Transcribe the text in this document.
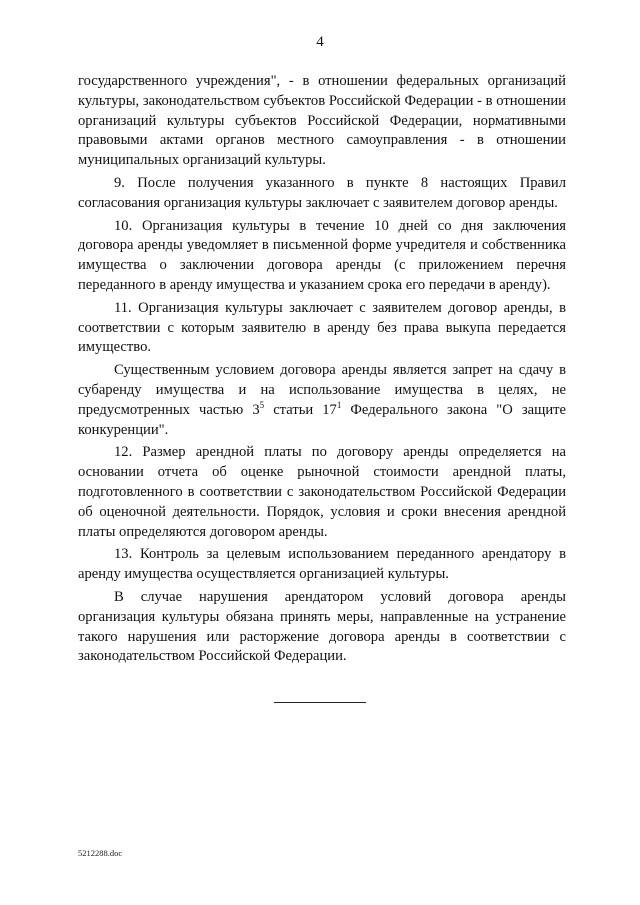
4

государственного учреждения", - в отношении федеральных организаций культуры, законодательством субъектов Российской Федерации - в отношении организаций культуры субъектов Российской Федерации, нормативными правовыми актами органов местного самоуправления - в отношении муниципальных организаций культуры.

9. После получения указанного в пункте 8 настоящих Правил согласования организация культуры заключает с заявителем договор аренды.

10. Организация культуры в течение 10 дней со дня заключения договора аренды уведомляет в письменной форме учредителя и собственника имущества о заключении договора аренды (с приложением перечня переданного в аренду имущества и указанием срока его передачи в аренду).

11. Организация культуры заключает с заявителем договор аренды, в соответствии с которым заявителю в аренду без права выкупа передается имущество.

Существенным условием договора аренды является запрет на сдачу в субаренду имущества и на использование имущества в целях, не предусмотренных частью $3^5$ статьи $17^1$ Федерального закона "О защите конкуренции".

12. Размер арендной платы по договору аренды определяется на основании отчета об оценке рыночной стоимости арендной платы, подготовленного в соответствии с законодательством Российской Федерации об оценочной деятельности. Порядок, условия и сроки внесения арендной платы определяются договором аренды.

13. Контроль за целевым использованием переданного арендатору в аренду имущества осуществляется организацией культуры.

В случае нарушения арендатором условий договора аренды организация культуры обязана принять меры, направленные на устранение такого нарушения или расторжение договора аренды в соответствии с законодательством Российской Федерации.

5212288.doc
